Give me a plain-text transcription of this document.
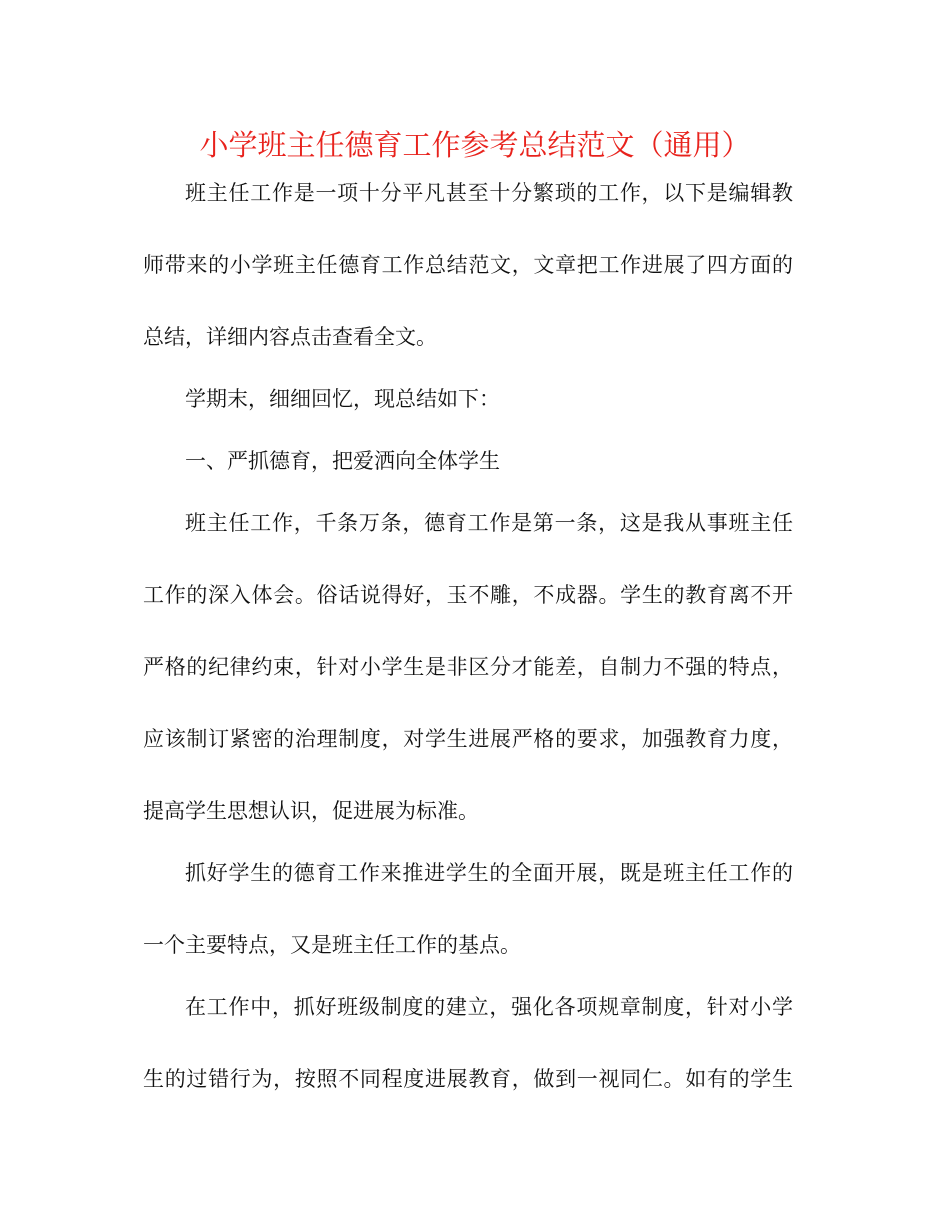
小学班主任德育工作参考总结范文（通用）

班主任工作是一项十分平凡甚至十分繁琐的工作，以下是编辑教

师带来的小学班主任德育工作总结范文，文章把工作进展了四方面的

总结，详细内容点击查看全文。

学期末，细细回忆，现总结如下：

一、严抓德育，把爱洒向全体学生

班主任工作，千条万条，德育工作是第一条，这是我从事班主任

工作的深入体会。俗话说得好，玉不雕，不成器。学生的教育离不开

严格的纪律约束，针对小学生是非区分才能差，自制力不强的特点，

应该制订紧密的治理制度，对学生进展严格的要求，加强教育力度，

提高学生思想认识，促进展为标准。

抓好学生的德育工作来推进学生的全面开展，既是班主任工作的

一个主要特点，又是班主任工作的基点。

在工作中，抓好班级制度的建立，强化各项规章制度，针对小学

生的过错行为，按照不同程度进展教育，做到一视同仁。如有的学生
